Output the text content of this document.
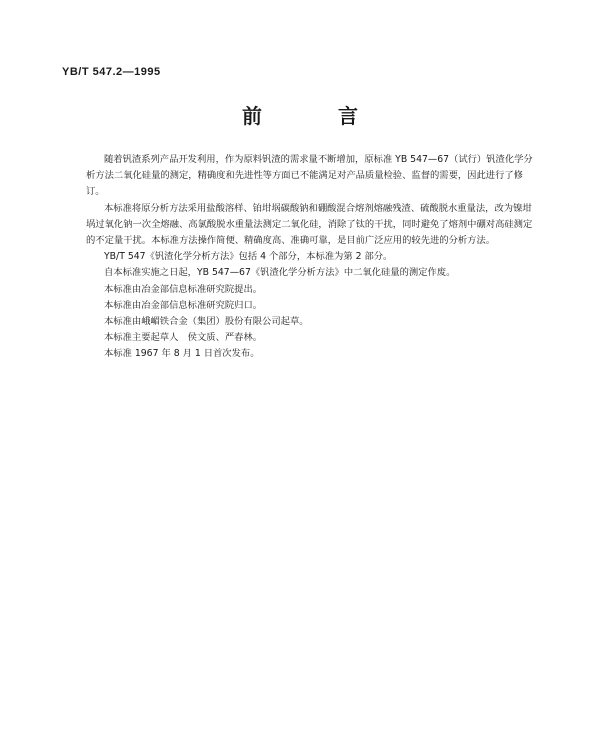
YB/T 547.2—1995
前　言

随着钒渣系列产品开发利用，作为原料钒渣的需求量不断增加，原标准 YB 547—67（试行）钒渣化学分析方法二氧化硅量的测定，精确度和先进性等方面已不能满足对产品质量检验、监督的需要，因此进行了修订。

本标准将原分析方法采用盐酸溶样、铂坩埚碳酸钠和硼酸混合熔剂熔融残渣、硫酸脱水重量法，改为镍坩埚过氧化钠一次全熔融、高氯酸脱水重量法测定二氧化硅，消除了钛的干扰，同时避免了熔剂中硼对高硅测定的不定量干扰。本标准方法操作简便、精确度高、准确可靠，是目前广泛应用的较先进的分析方法。

YB/T 547《钒渣化学分析方法》包括 4 个部分，本标准为第 2 部分。

自本标准实施之日起，YB 547—67《钒渣化学分析方法》中二氧化硅量的测定作废。

本标准由冶金部信息标准研究院提出。

本标准由冶金部信息标准研究院归口。

本标准由峨嵋铁合金（集团）股份有限公司起草。

本标准主要起草人　侯文质、严春林。

本标准 1967 年 8 月 1 日首次发布。
